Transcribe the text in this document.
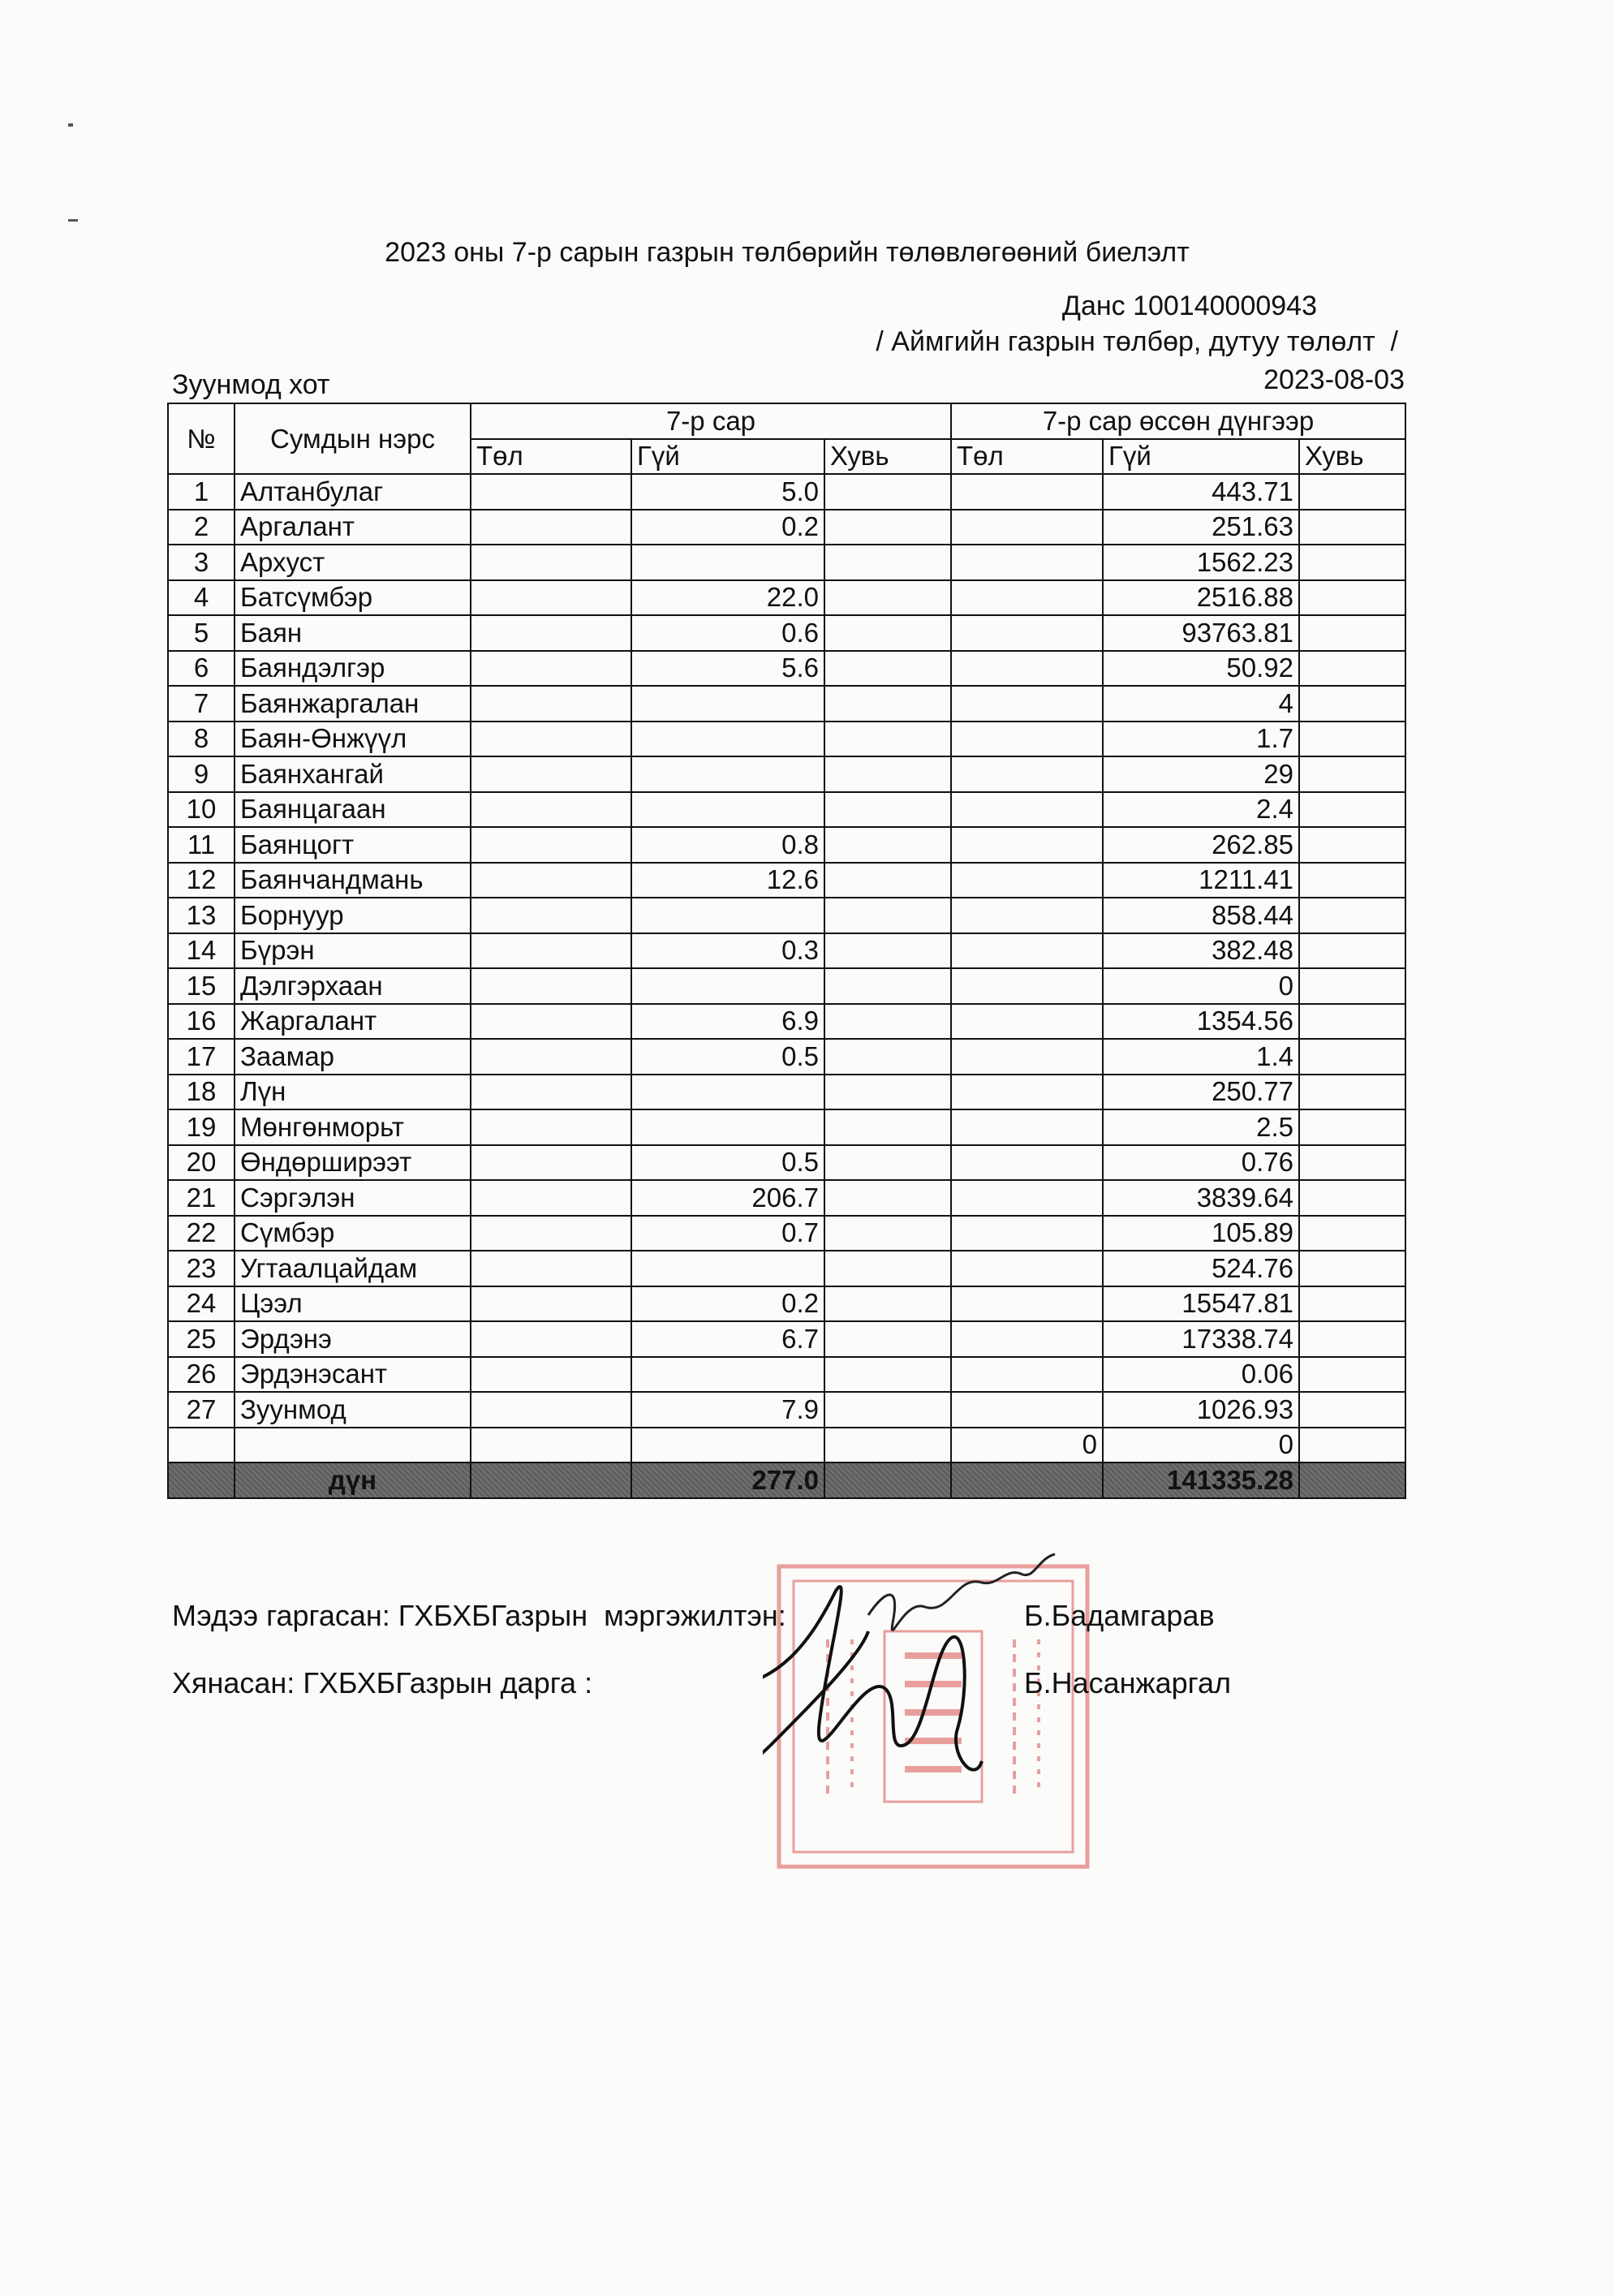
2023 оны 7-р сарын газрын төлбөрийн төлөвлөгөөний биелэлт
Данс 100140000943
/ Аймгийн газрын төлбөр, дутуу төлөлт  /
Зуунмод хот	2023-08-03
№	Сумдын нэрс	7-р сар			7-р сар өссөн дүнгээр		
		Төл	Гүй	Хувь	Төл	Гүй	Хувь
1	Алтанбулаг		5.0			443.71	
2	Аргалант		0.2			251.63	
3	Архуст					1562.23	
4	Батсүмбэр		22.0			2516.88	
5	Баян		0.6			93763.81	
6	Баяндэлгэр		5.6			50.92	
7	Баянжаргалан					4	
8	Баян-Өнжүүл					1.7	
9	Баянхангай					29	
10	Баянцагаан					2.4	
11	Баянцогт		0.8			262.85	
12	Баянчандмань		12.6			1211.41	
13	Борнуур					858.44	
14	Бүрэн		0.3			382.48	
15	Дэлгэрхаан					0	
16	Жаргалант		6.9			1354.56	
17	Заамар		0.5			1.4	
18	Лүн					250.77	
19	Мөнгөнморьт					2.5	
20	Өндөрширээт		0.5			0.76	
21	Сэргэлэн		206.7			3839.64	
22	Сүмбэр		0.7			105.89	
23	Угтаалцайдам					524.76	
24	Цээл		0.2			15547.81	
25	Эрдэнэ		6.7			17338.74	
26	Эрдэнэсант					0.06	
27	Зуунмод		7.9			1026.93	
					0	0	
	дүн		277.0			141335.28	
Мэдээ гаргасан: ГХБХБГазрын  мэргэжилтэн:	Б.Бадамгарав
Хянасан: ГХБХБГазрын дарга :	Б.Насанжаргал
